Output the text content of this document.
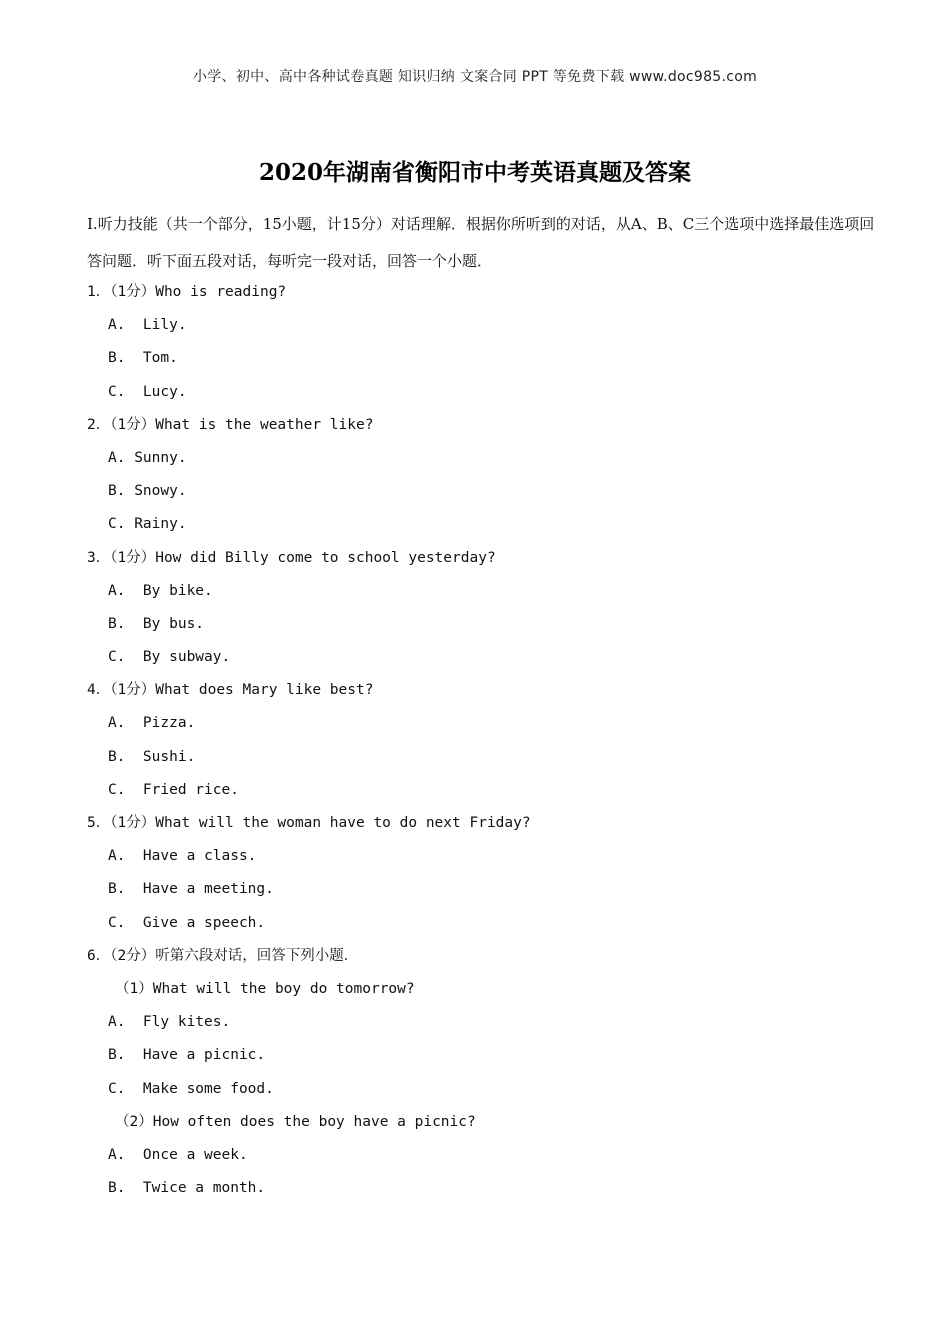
小学、初中、高中各种试卷真题 知识归纳 文案合同 PPT 等免费下载 www.doc985.com
2020年湖南省衡阳市中考英语真题及答案
I.听力技能（共一个部分，15小题，计15分）对话理解．根据你所听到的对话，从A、B、C三个选项中选择最佳选项回答问题．听下面五段对话，每听完一段对话，回答一个小题．
1．（1分）Who is reading?
A.  Lily.
B.  Tom.
C.  Lucy.
2．（1分）What is the weather like?
A. Sunny.
B. Snowy.
C. Rainy.
3．（1分）How did Billy come to school yesterday?
A.  By bike.
B.  By bus.
C.  By subway.
4．（1分）What does Mary like best?
A.  Pizza.
B.  Sushi.
C.  Fried rice.
5．（1分）What will the woman have to do next Friday?
A.  Have a class.
B.  Have a meeting.
C.  Give a speech.
6．（2分）听第六段对话，回答下列小题．
（1）What will the boy do tomorrow?
A.  Fly kites.
B.  Have a picnic.
C.  Make some food.
（2）How often does the boy have a picnic?
A.  Once a week.
B.  Twice a month.
